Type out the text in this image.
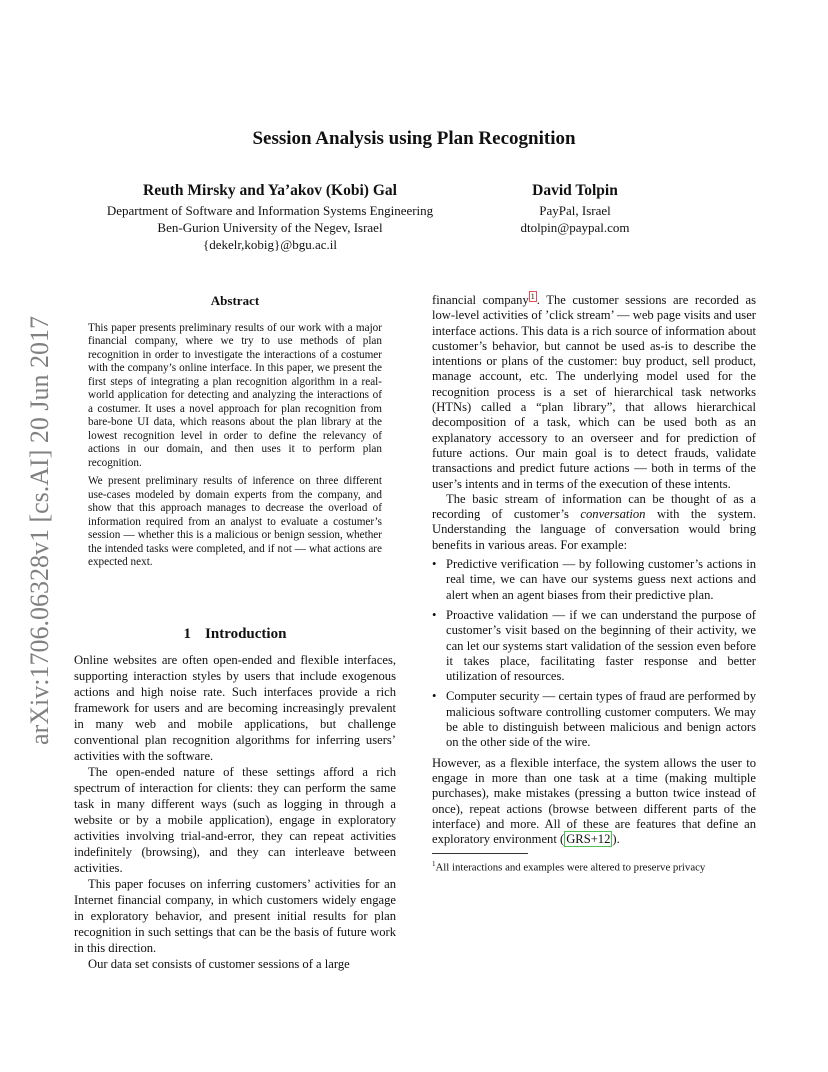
arXiv:1706.06328v1 [cs.AI] 20 Jun 2017
Session Analysis using Plan Recognition
Reuth Mirsky and Ya’akov (Kobi) Gal
Department of Software and Information Systems Engineering
Ben-Gurion University of the Negev, Israel
{dekelr,kobig}@bgu.ac.il
David Tolpin
PayPal, Israel
dtolpin@paypal.com
Abstract

This paper presents preliminary results of our work with a major financial company, where we try to use methods of plan recognition in order to investigate the interactions of a costumer with the company’s online interface. In this paper, we present the first steps of integrating a plan recognition algorithm in a real-world application for detecting and analyzing the interactions of a costumer. It uses a novel approach for plan recognition from bare-bone UI data, which reasons about the plan library at the lowest recognition level in order to define the relevancy of actions in our domain, and then uses it to perform plan recognition.

We present preliminary results of inference on three different use-cases modeled by domain experts from the company, and show that this approach manages to decrease the overload of information required from an analyst to evaluate a costumer’s session — whether this is a malicious or benign session, whether the intended tasks were completed, and if not — what actions are expected next.

1 Introduction

Online websites are often open-ended and flexible interfaces, supporting interaction styles by users that include exogenous actions and high noise rate. Such interfaces provide a rich framework for users and are becoming increasingly prevalent in many web and mobile applications, but challenge conventional plan recognition algorithms for inferring users’ activities with the software.

The open-ended nature of these settings afford a rich spectrum of interaction for clients: they can perform the same task in many different ways (such as logging in through a website or by a mobile application), engage in exploratory activities involving trial-and-error, they can repeat activities indefinitely (browsing), and they can interleave between activities.

This paper focuses on inferring customers’ activities for an Internet financial company, in which customers widely engage in exploratory behavior, and present initial results for plan recognition in such settings that can be the basis of future work in this direction.

Our data set consists of customer sessions of a large

financial company $^1$ . The customer sessions are recorded as low-level activities of ’click stream’ — web page visits and user interface actions. This data is a rich source of information about customer’s behavior, but cannot be used as-is to describe the intentions or plans of the customer: buy product, sell product, manage account, etc. The underlying model used for the recognition process is a set of hierarchical task networks (HTNs) called a “plan library”, that allows hierarchical decomposition of a task, which can be used both as an explanatory accessory to an overseer and for prediction of future actions. Our main goal is to detect frauds, validate transactions and predict future actions — both in terms of the user’s intents and in terms of the execution of these intents.

The basic stream of information can be thought of as a recording of customer’s conversation with the system. Understanding the language of conversation would bring benefits in various areas. For example:

• Predictive verification — by following customer’s actions in real time, we can have our systems guess next actions and alert when an agent biases from their predictive plan.
• Proactive validation — if we can understand the purpose of customer’s visit based on the beginning of their activity, we can let our systems start validation of the session even before it takes place, facilitating faster response and better utilization of resources.
• Computer security — certain types of fraud are performed by malicious software controlling customer computers. We may be able to distinguish between malicious and benign actors on the other side of the wire.

However, as a flexible interface, the system allows the user to engage in more than one task at a time (making multiple purchases), make mistakes (pressing a button twice instead of once), repeat actions (browse between different parts of the interface) and more. All of these are features that define an exploratory environment ( GRS+12 ).

$^1$All interactions and examples were altered to preserve privacy
